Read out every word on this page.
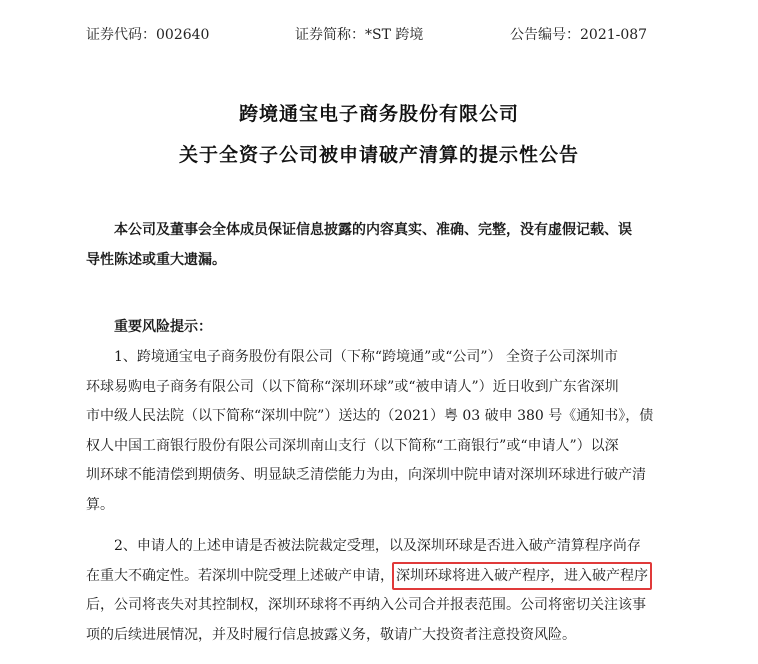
证券代码：002640	证券简称：*ST 跨境	公告编号：2021-087
跨境通宝电子商务股份有限公司
关于全资子公司被申请破产清算的提示性公告
本公司及董事会全体成员保证信息披露的内容真实、准确、完整，没有虚假记载、误
导性陈述或重大遗漏。
重要风险提示：
1、跨境通宝电子商务股份有限公司（下称“跨境通”或“公司”） 全资子公司深圳市
环球易购电子商务有限公司（以下简称“深圳环球”或“被申请人”）近日收到广东省深圳
市中级人民法院（以下简称“深圳中院”）送达的（2021）粤 03 破申 380 号《通知书》，债
权人中国工商银行股份有限公司深圳南山支行（以下简称“工商银行”或“申请人”）以深
圳环球不能清偿到期债务、明显缺乏清偿能力为由，向深圳中院申请对深圳环球进行破产清
算。
2、申请人的上述申请是否被法院裁定受理，以及深圳环球是否进入破产清算程序尚存
在重大不确定性。若深圳中院受理上述破产申请， 深圳环球将进入破产程序，进入破产程序
后，公司将丧失对其控制权，深圳环球将不再纳入公司合并报表范围。公司将密切关注该事
项的后续进展情况，并及时履行信息披露义务，敬请广大投资者注意投资风险。
